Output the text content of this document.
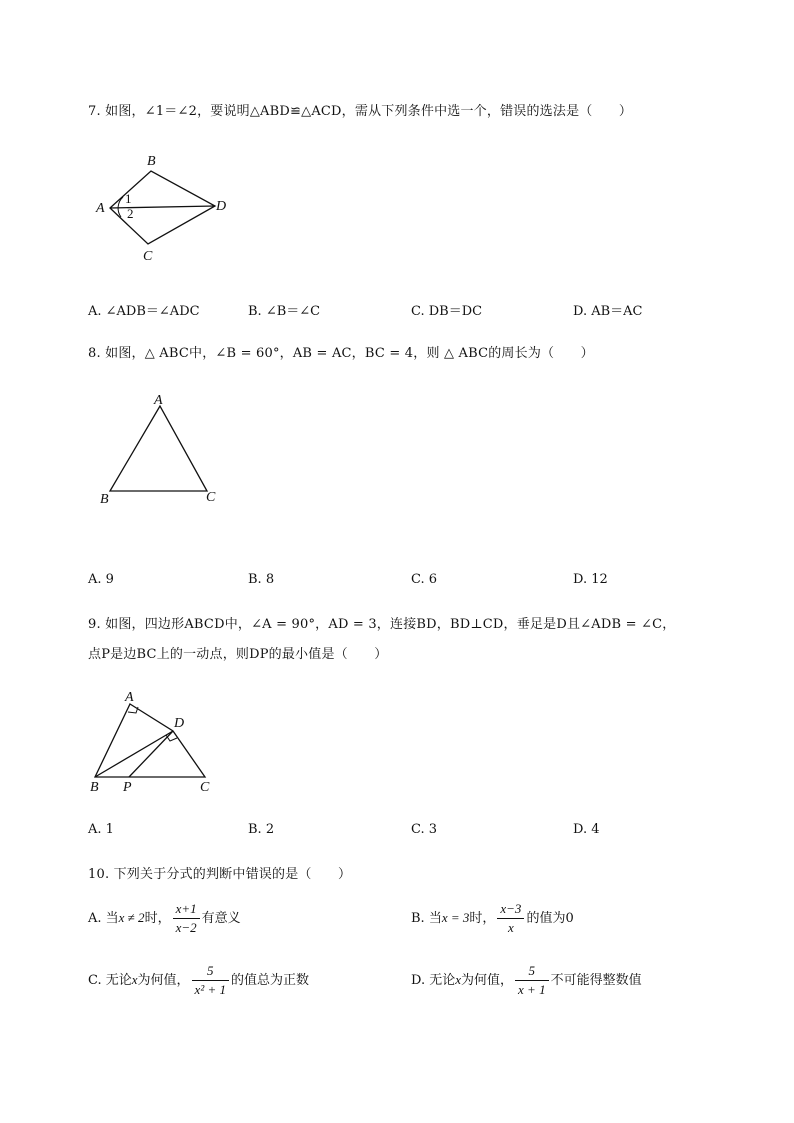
7. 如图，∠1＝∠2，要说明△ABD≌△ACD，需从下列条件中选一个，错误的选法是（　　）
B
A	D
C
1
2
A. ∠ADB＝∠ADC	B. ∠B＝∠C	C. DB＝DC	D. AB＝AC
8. 如图，△ ABC中，∠B = 60°，AB = AC，BC = 4，则 △ ABC的周长为（　　）
A
B	C
A. 9	B. 8	C. 6	D. 12
9. 如图，四边形ABCD中，∠A = 90°，AD = 3，连接BD，BD⊥CD，垂足是D且∠ADB = ∠C，
点P是边BC上的一动点，则DP的最小值是（　　）
A
D
B P	C
A. 1	B. 2	C. 3	D. 4
10. 下列关于分式的判断中错误的是（　　）
A. 当x ≠ 2时， $\frac{x+1}{x-2}$ 有意义	B. 当x = 3时， $\frac{x-3}{x}$ 的值为0
C. 无论x为何值， $\frac{5}{\text{x² + 1}}$ 的值总为正数	D. 无论x为何值， $\frac{5}{x + 1}$ 不可能得整数值
